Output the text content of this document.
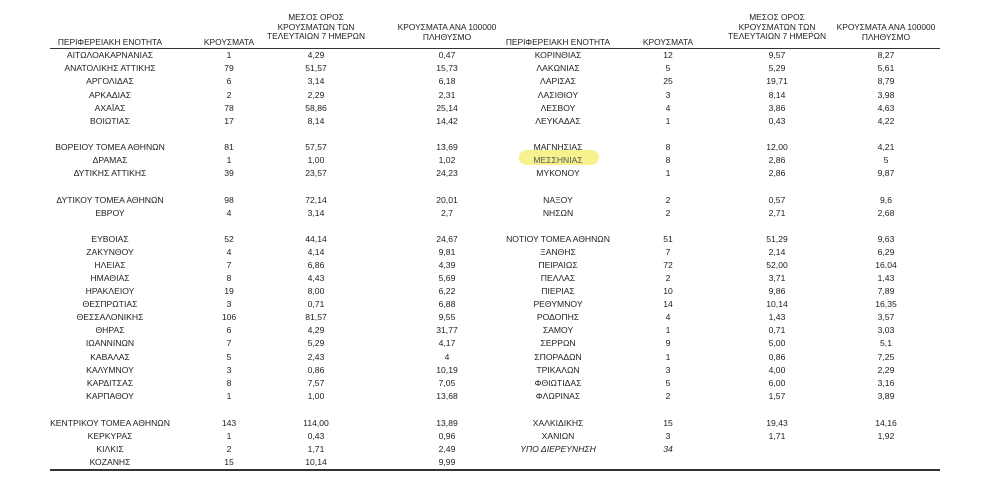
ΠΕΡΙΦΕΡΕΙΑΚΗ ΕΝΟΤΗΤΑ	ΚΡΟΥΣΜΑΤΑ
ΜΕΣΟΣ ΟΡΟΣ
ΚΡΟΥΣΜΑΤΩΝ ΤΩΝ
ΤΕΛΕΥΤΑΙΩΝ 7 ΗΜΕΡΩΝ
ΚΡΟΥΣΜΑΤΑ ΑΝΑ 100000
ΠΛΗΘΥΣΜΟ
ΠΕΡΙΦΕΡΕΙΑΚΗ ΕΝΟΤΗΤΑ	ΚΡΟΥΣΜΑΤΑ
ΜΕΣΟΣ ΟΡΟΣ
ΚΡΟΥΣΜΑΤΩΝ ΤΩΝ
ΤΕΛΕΥΤΑΙΩΝ 7 ΗΜΕΡΩΝ
ΚΡΟΥΣΜΑΤΑ ΑΝΑ 100000
ΠΛΗΘΥΣΜΟ
ΑΙΤΩΛΟΑΚΑΡΝΑΝΙΑΣ	1	4,29	0,47
ΑΝΑΤΟΛΙΚΗΣ ΑΤΤΙΚΗΣ	79	51,57	15,73
ΑΡΓΟΛΙΔΑΣ	6	3,14	6,18
ΑΡΚΑΔΙΑΣ	2	2,29	2,31
ΑΧΑΪΑΣ	78	58,86	25,14
ΒΟΙΩΤΙΑΣ	17	8,14	14,42
ΒΟΡΕΙΟΥ ΤΟΜΕΑ ΑΘΗΝΩΝ	81	57,57	13,69
ΔΡΑΜΑΣ	1	1,00	1,02
ΔΥΤΙΚΗΣ ΑΤΤΙΚΗΣ	39	23,57	24,23
ΔΥΤΙΚΟΥ ΤΟΜΕΑ ΑΘΗΝΩΝ	98	72,14	20,01
ΕΒΡΟΥ	4	3,14	2,7
ΕΥΒΟΙΑΣ	52	44,14	24,67
ΖΑΚΥΝΘΟΥ	4	4,14	9,81
ΗΛΕΙΑΣ	7	6,86	4,39
ΗΜΑΘΙΑΣ	8	4,43	5,69
ΗΡΑΚΛΕΙΟΥ	19	8,00	6,22
ΘΕΣΠΡΩΤΙΑΣ	3	0,71	6,88
ΘΕΣΣΑΛΟΝΙΚΗΣ	106	81,57	9,55
ΘΗΡΑΣ	6	4,29	31,77
ΙΩΑΝΝΙΝΩΝ	7	5,29	4,17
ΚΑΒΑΛΑΣ	5	2,43	4
ΚΑΛΥΜΝΟΥ	3	0,86	10,19
ΚΑΡΔΙΤΣΑΣ	8	7,57	7,05
ΚΑΡΠΑΘΟΥ	1	1,00	13,68
ΚΕΝΤΡΙΚΟΥ ΤΟΜΕΑ ΑΘΗΝΩΝ	143	114,00	13,89
ΚΕΡΚΥΡΑΣ	1	0,43	0,96
ΚΙΛΚΙΣ	2	1,71	2,49
ΚΟΖΑΝΗΣ	15	10,14	9,99
ΚΟΡΙΝΘΙΑΣ	12	9,57	8,27
ΛΑΚΩΝΙΑΣ	5	5,29	5,61
ΛΑΡΙΣΑΣ	25	19,71	8,79
ΛΑΣΙΘΙΟΥ	3	8,14	3,98
ΛΕΣΒΟΥ	4	3,86	4,63
ΛΕΥΚΑΔΑΣ	1	0,43	4,22
ΜΑΓΝΗΣΙΑΣ	8	12,00	4,21
ΜΕΣΣΗΝΙΑΣ	8	2,86	5
ΜΥΚΟΝΟΥ	1	2,86	9,87
ΝΑΞΟΥ	2	0,57	9,6
ΝΗΣΩΝ	2	2,71	2,68
ΝΟΤΙΟΥ ΤΟΜΕΑ ΑΘΗΝΩΝ	51	51,29	9,63
ΞΑΝΘΗΣ	7	2,14	6,29
ΠΕΙΡΑΙΩΣ	72	52,00	16,04
ΠΕΛΛΑΣ	2	3,71	1,43
ΠΙΕΡΙΑΣ	10	9,86	7,89
ΡΕΘΥΜΝΟΥ	14	10,14	16,35
ΡΟΔΟΠΗΣ	4	1,43	3,57
ΣΑΜΟΥ	1	0,71	3,03
ΣΕΡΡΩΝ	9	5,00	5,1
ΣΠΟΡΑΔΩΝ	1	0,86	7,25
ΤΡΙΚΑΛΩΝ	3	4,00	2,29
ΦΘΙΩΤΙΔΑΣ	5	6,00	3,16
ΦΛΩΡΙΝΑΣ	2	1,57	3,89
ΧΑΛΚΙΔΙΚΗΣ	15	19,43	14,16
ΧΑΝΙΩΝ	3	1,71	1,92
ΥΠΟ ΔΙΕΡΕΥΝΗΣΗ	34
